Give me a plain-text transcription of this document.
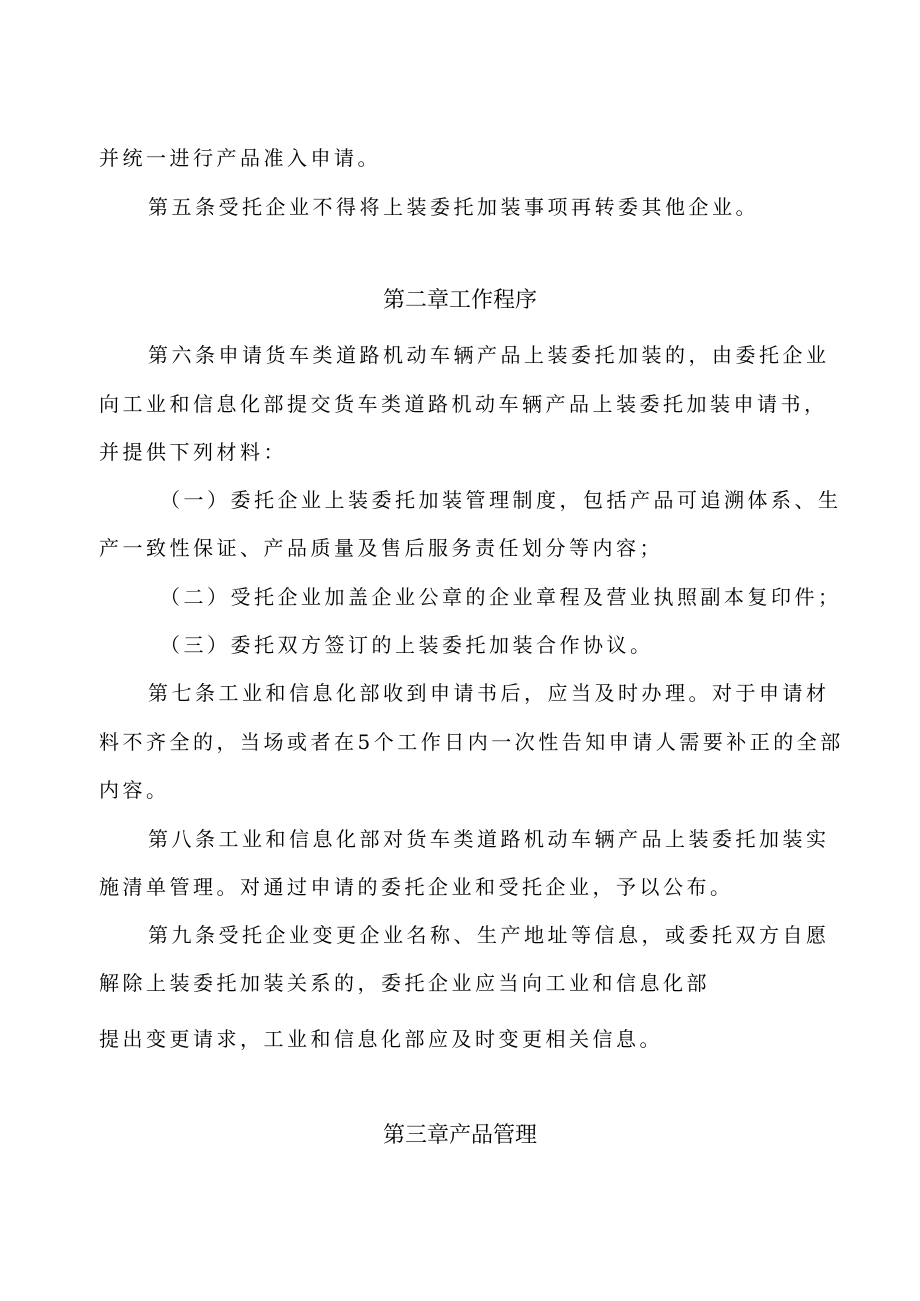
并统一进行产品准入申请。
第五条受托企业不得将上装委托加装事项再转委其他企业。
第二章工作程序
第六条申请货车类道路机动车辆产品上装委托加装的，由委托企业
向工业和信息化部提交货车类道路机动车辆产品上装委托加装申请书，
并提供下列材料：
（一）委托企业上装委托加装管理制度，包括产品可追溯体系、生
产一致性保证、产品质量及售后服务责任划分等内容；
（二）受托企业加盖企业公章的企业章程及营业执照副本复印件；
（三）委托双方签订的上装委托加装合作协议。
第七条工业和信息化部收到申请书后，应当及时办理。对于申请材
料不齐全的，当场或者在5个工作日内一次性告知申请人需要补正的全部
内容。
第八条工业和信息化部对货车类道路机动车辆产品上装委托加装实
施清单管理。对通过申请的委托企业和受托企业，予以公布。
第九条受托企业变更企业名称、生产地址等信息，或委托双方自愿
解除上装委托加装关系的，委托企业应当向工业和信息化部
提出变更请求，工业和信息化部应及时变更相关信息。
第三章产品管理
